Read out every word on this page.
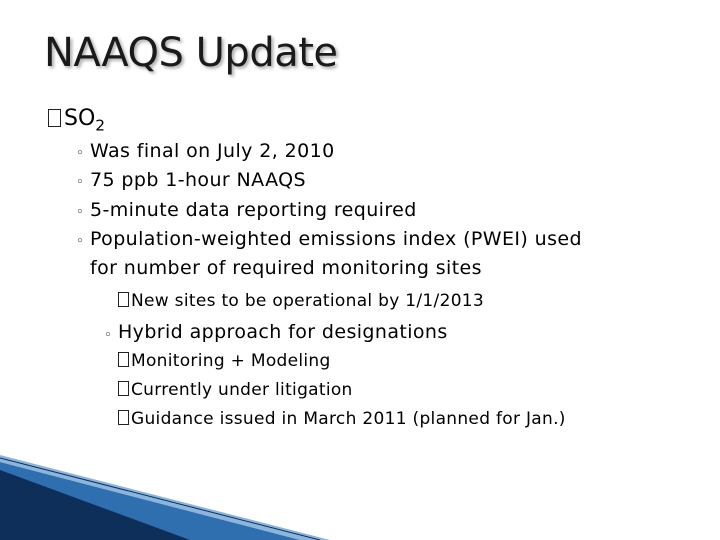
NAAQS Update
$SO_2$
◦ Was final on July 2, 2010
◦ 75 ppb 1-hour NAAQS
◦ 5-minute data reporting required
◦ Population-weighted emissions index (PWEI) used
for number of required monitoring sites
New sites to be operational by 1/1/2013
◦ Hybrid approach for designations
Monitoring + Modeling
Currently under litigation
Guidance issued in March 2011 (planned for Jan.)
